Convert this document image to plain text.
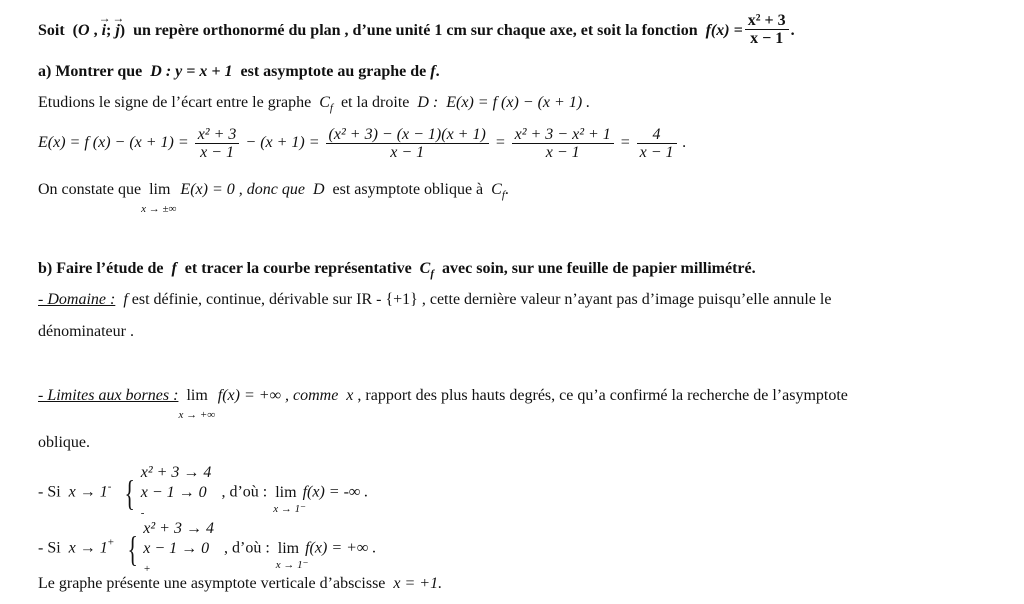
Soit (O , → i; → j) un repère orthonormé du plan , d’une unité 1 cm sur chaque axe, et soit la fonction $f(x) = \frac{\text{x² + 3}}{x - 1}$ .
a) Montrer que D : y = x + 1 est asymptote au graphe de f.
Etudions le signe de l’écart entre le graphe $C_f$ et la droite D : E(x) = f (x) − (x + 1) .
E(x) = f $(x) - (x + 1) = \frac{\text{x² + 3}}{x - 1} - (x + 1) = \frac{\text{(x² + 3) − (x − 1)(x + 1)}}{x - 1} = \frac{\text{x² + 3 − x² + 1}}{x - 1} = \frac{4}{x - 1}$ .
On constate que lim
x → ±∞
E(x) = 0 , donc que D est asymptote oblique à $C_f$.
b) Faire l’étude de f et tracer la courbe représentative $C_f$ avec soin, sur une feuille de papier millimétré.
- Domaine : f est définie, continue, dérivable sur IR - {+1} , cette dernière valeur n’ayant pas d’image puisqu’elle annule le
dénominateur .
- Limites aux bornes : lim
x → +∞
f(x) = +∞ , comme x , rapport des plus hauts degrés, ce qu’a confirmé la recherche de l’asymptote
oblique.
- Si x → 1- {
x² + 3 → 4
x − 1 → 0
-
, d’où : lim
x → 1⁻
f(x) = -∞ .
- Si x → 1+ {
x² + 3 → 4
x − 1 → 0
+
, d’où : lim
x → 1⁻
f(x) = +∞ .
Le graphe présente une asymptote verticale d’abscisse x = +1.
